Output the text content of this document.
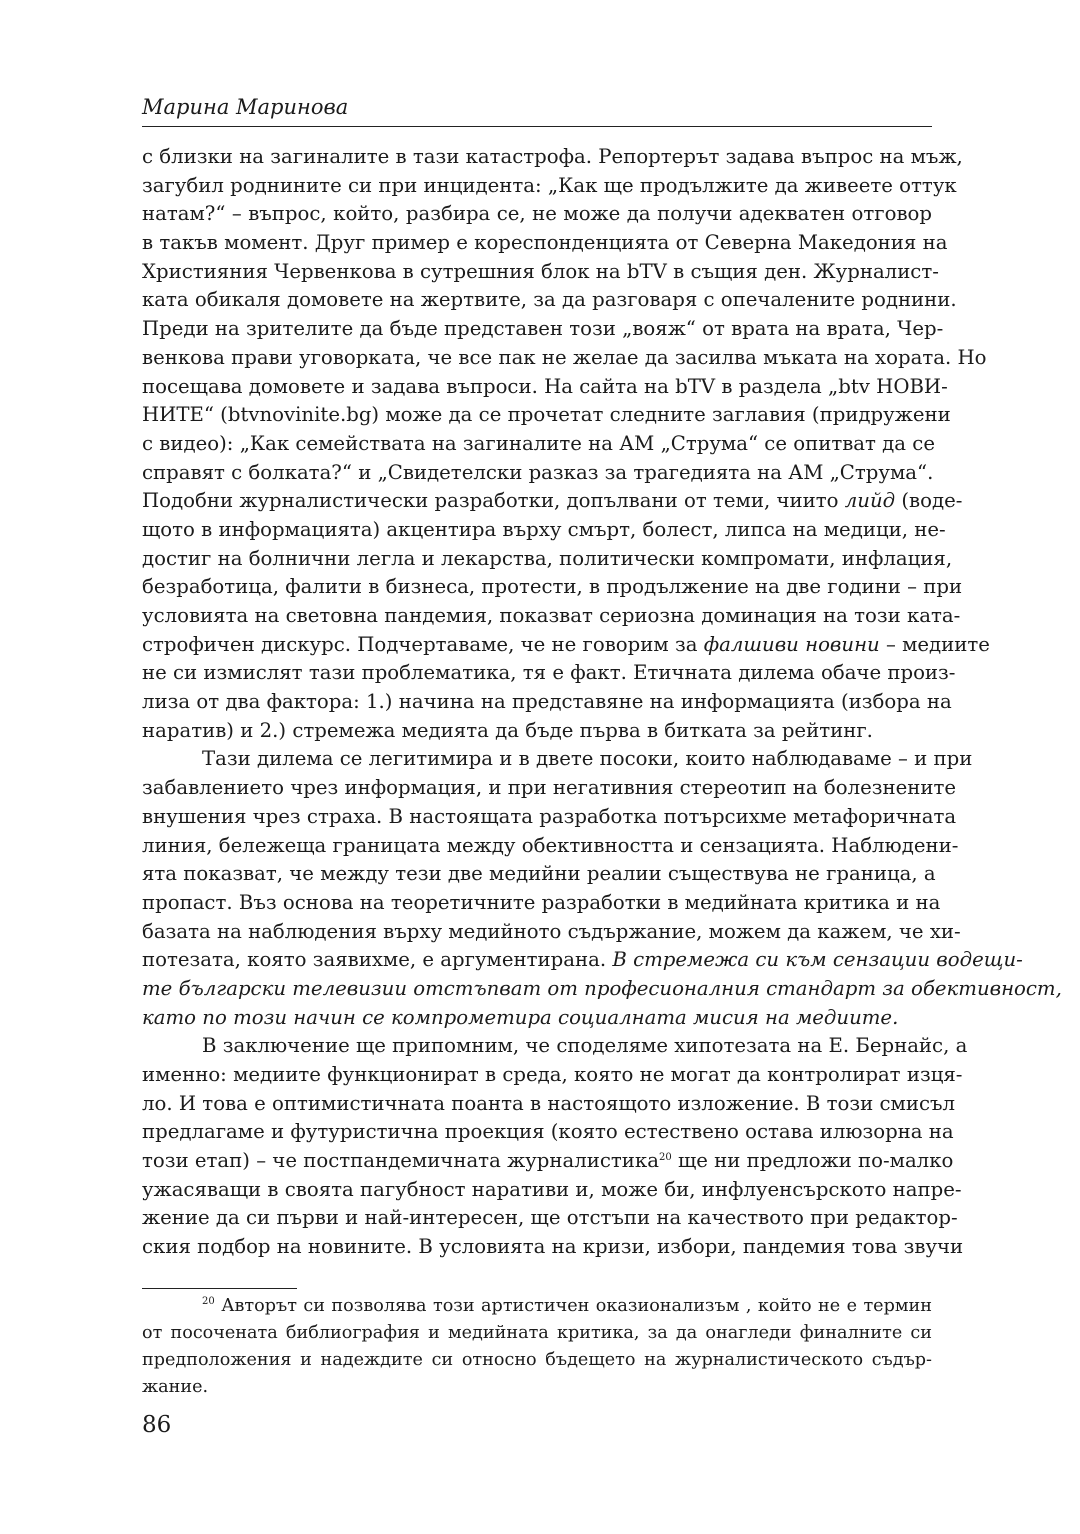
Марина Маринова
с близки на загиналите в тази катастрофа. Репортерът задава въпрос на мъж,
загубил роднините си при инцидента: „Как ще продължите да живеете оттук
натам?“ – въпрос, който, разбира се, не може да получи адекватен отговор
в такъв момент. Друг пример е кореспонденцията от Северна Македония на
Християния Червенкова в сутрешния блок на bTV в същия ден. Журналист-
ката обикаля домовете на жертвите, за да разговаря с опечалените роднини.
Преди на зрителите да бъде представен този „вояж“ от врата на врата, Чер-
венкова прави уговорката, че все пак не желае да засилва мъката на хората. Но
посещава домовете и задава въпроси. На сайта на bTV в раздела „btv НОВИ-
НИТЕ“ (btvnovinite.bg) може да се прочетат следните заглавия (придружени
с видео): „Как семействата на загиналите на АМ „Струма“ се опитват да се
справят с болката?“ и „Свидетелски разказ за трагедията на АМ „Струма“.
Подобни журналистически разработки, допълвани от теми, чиито лийд (воде-
щото в информацията) акцентира върху смърт, болест, липса на медици, не-
достиг на болнични легла и лекарства, политически компромати, инфлация,
безработица, фалити в бизнеса, протести, в продължение на две години – при
условията на световна пандемия, показват сериозна доминация на този ката-
строфичен дискурс. Подчертаваме, че не говорим за фалшиви новини – медиите
не си измислят тази проблематика, тя е факт. Етичната дилема обаче произ-
лиза от два фактора: 1.) начина на представяне на информацията (избора на
наратив) и 2.) стремежа медията да бъде първа в битката за рейтинг.
Тази дилема се легитимира и в двете посоки, които наблюдаваме – и при
забавлението чрез информация, и при негативния стереотип на болезнените
внушения чрез страха. В настоящата разработка потърсихме метафоричната
линия, бележеща границата между обективността и сензацията. Наблюдени-
ята показват, че между тези две медийни реалии съществува не граница, а
пропаст. Въз основа на теоретичните разработки в медийната критика и на
базата на наблюдения върху медийното съдържание, можем да кажем, че хи-
потезата, която заявихме, е аргументирана. В стремежа си към сензации водещи-
те български телевизии отстъпват от професионалния стандарт за обективност,
като по този начин се компрометира социалната мисия на медиите.
В заключение ще припомним, че споделяме хипотезата на Е. Бернайс, а
именно: медиите функционират в среда, която не могат да контролират изця-
ло. И това е оптимистичната поанта в настоящото изложение. В този смисъл
предлагаме и футуристична проекция (която естествено остава илюзорна на
този етап) – че постпандемичната журналистика$^{20}$ ще ни предложи по-малко
ужасяващи в своята пагубност наративи и, може би, инфлуенсърското напре-
жение да си първи и най-интересен, ще отстъпи на качеството при редактор-
ския подбор на новините. В условията на кризи, избори, пандемия това звучи
$^{20}$ Авторът си позволява този артистичен оказионализъм , който не е термин
от посочената библиография и медийната критика, за да онагледи финалните си
предположения и надеждите си относно бъдещето на журналистическото съдър-
жание.
86
